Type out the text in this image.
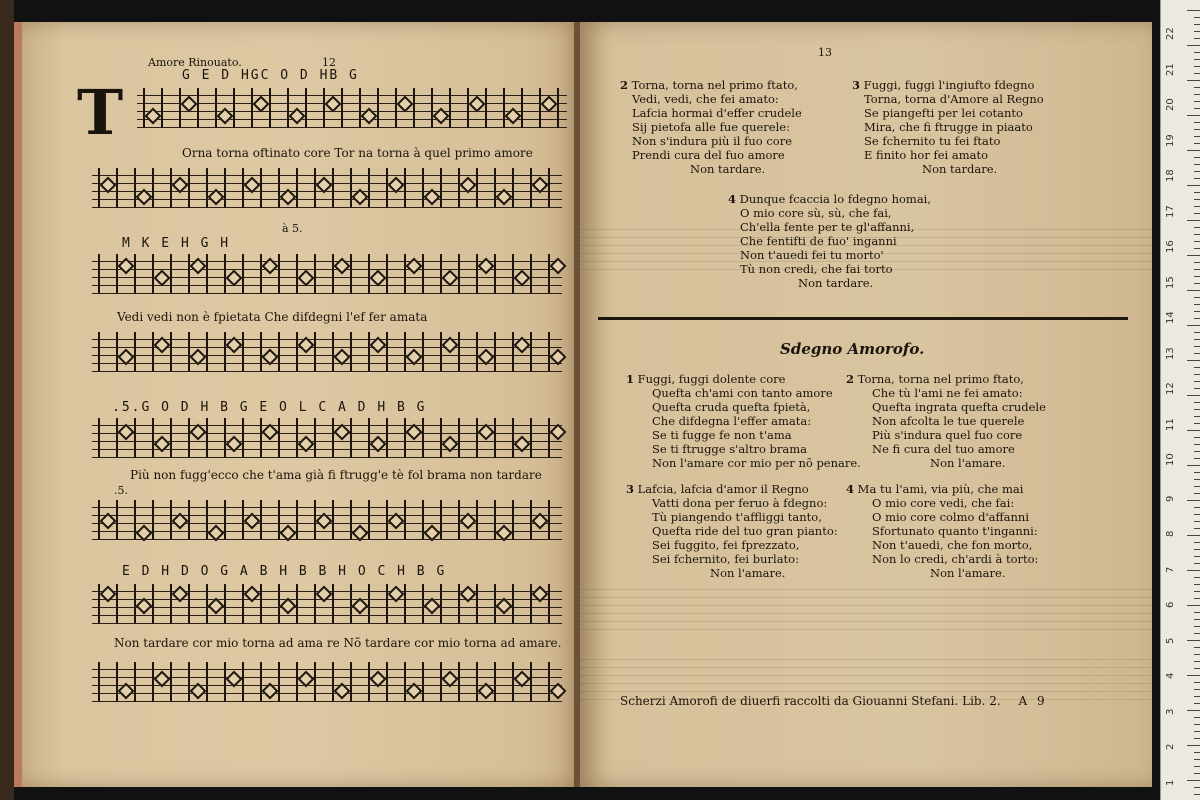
Amore Rinouato.	12
T
G E D HGC O D HB G
Orna torna oftinato core Tor na torna à quel primo amore
à 5.
M K E H G H
Vedi vedi non è fpietata Che difdegni l'ef fer amata
.5.G O D H B G E O L C A D H B G
Più non fugg'ecco che t'ama già fi ftrugg'e tè fol brama non tardare
.5.
E D H D O G A B H B B H O C H B G
Non tardare cor mio torna ad ama re Nõ tardare cor mio torna ad amare.
13
2 Torna, torna nel primo ftato,
Vedi, vedi, che fei amato:
Lafcia hormai d'effer crudele
Sij pietofa alle fue querele:
Non s'indura più il fuo core
Prendi cura del fuo amore
Non tardare.
3 Fuggi, fuggi l'ingiufto fdegno
Torna, torna d'Amore al Regno
Se piangefti per lei cotanto
Mira, che fi ftrugge in piaato
Se fchernito tu fei ftato
E finito hor fei amato
Non tardare.
4 Dunque fcaccia lo fdegno homai,
O mio core sù, sù, che fai,
Ch'ella fente per te gl'affanni,
Che fentifti de fuo' inganni
Non t'auedi fei tu morto'
Tù non credi, che fai torto
Non tardare.
Sdegno Amorofo.
1 Fuggi, fuggi dolente core
Quefta ch'ami con tanto amore
Quefta cruda quefta fpietà,
Che difdegna l'effer amata:
Se ti fugge fe non t'ama
Se ti ftrugge s'altro brama
Non l'amare cor mio per nõ penare.
2 Torna, torna nel primo ftato,
Che tù l'ami ne fei amato:
Quefta ingrata quefta crudele
Non afcolta le tue querele
Più s'indura quel fuo core
Ne fi cura del tuo amore
Non l'amare.
3 Lafcia, lafcia d'amor il Regno
Vatti dona per feruo à fdegno:
Tù piangendo t'affliggi tanto,
Quefta ride del tuo gran pianto:
Sei fuggito, fei fprezzato,
Sei fchernito, fei burlato:
Non l'amare.
4 Ma tu l'ami, via più, che mai
O mio core vedi, che fai:
O mio core colmo d'affanni
Sfortunato quanto t'inganni:
Non t'auedi, che fon morto,
Non lo credi, ch'ardi à torto:
Non l'amare.
Scherzi Amorofi de diuerfi raccolti da Giouanni Stefani. Lib. 2. A 9
22
21
20
19
18
17
16
15
14
13
12
11
10
9
8
7
6
5
4
3
2
1
